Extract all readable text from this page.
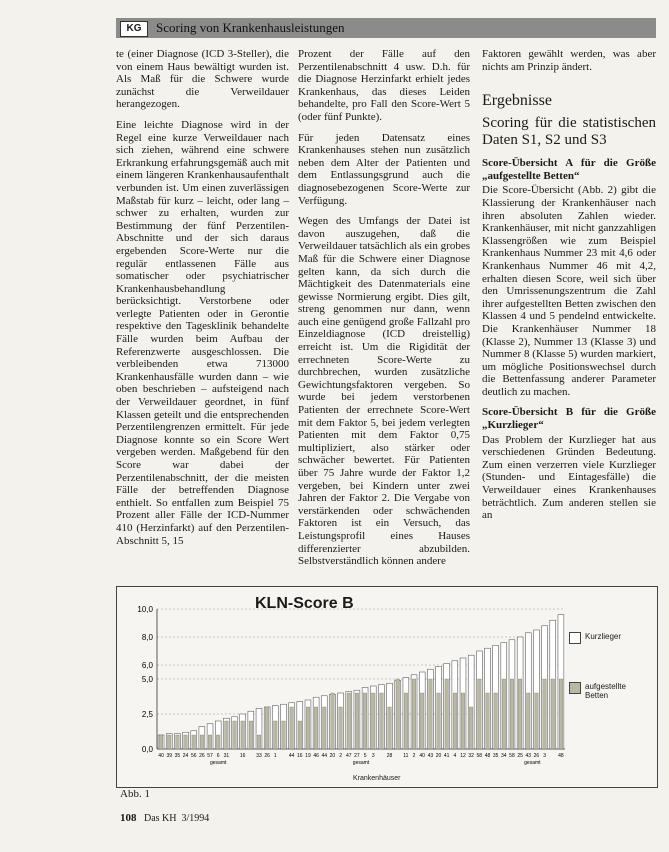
KG	Scoring von Krankenhausleistungen

te (einer Diagnose (ICD 3-Steller), die von einem Haus bewältigt wurden ist. Als Maß für die Schwere wurde zunächst die Verweildauer herangezogen.

Eine leichte Diagnose wird in der Regel eine kurze Verweildauer nach sich ziehen, während eine schwere Erkrankung erfahrungsgemäß auch mit einem längeren Krankenhausaufenthalt verbunden ist. Um einen zuverlässigen Maßstab für kurz – leicht, oder lang – schwer zu erhalten, wurden zur Bestimmung der fünf Perzentilen-Abschnitte und der sich daraus ergebenden Score-Werte nur die regulär entlassenen Fälle aus somatischer oder psychiatrischer Krankenhausbehandlung berücksichtigt. Verstorbene oder verlegte Patienten oder in Gerontie respektive den Tagesklinik behandelte Fälle wurden beim Aufbau der Referenzwerte ausgeschlossen. Die verbleibenden etwa 713000 Krankenhausfälle wurden dann – wie oben beschrieben – aufsteigend nach der Verweildauer geordnet, in fünf Klassen geteilt und die entsprechenden Perzentilengrenzen ermittelt. Für jede Diagnose konnte so ein Score Wert vergeben werden. Maßgebend für den Score war dabei der Perzentilenabschnitt, der die meisten Fälle der betreffenden Diagnose enthielt. So entfallen zum Beispiel 75 Prozent aller Fälle der ICD-Nummer 410 (Herzinfarkt) auf den Perzentilen-Abschnitt 5, 15

Prozent der Fälle auf den Perzentilenabschnitt 4 usw. D.h. für die Diagnose Herzinfarkt erhielt jedes Krankenhaus, das dieses Leiden behandelte, pro Fall den Score-Wert 5 (oder fünf Punkte).

Für jeden Datensatz eines Krankenhauses stehen nun zusätzlich neben dem Alter der Patienten und dem Entlassungsgrund auch die diagnosebezogenen Score-Werte zur Verfügung.

Wegen des Umfangs der Datei ist davon auszugehen, daß die Verweildauer tatsächlich als ein grobes Maß für die Schwere einer Diagnose gelten kann, da sich durch die Mächtigkeit des Datenmaterials eine gewisse Normierung ergibt. Dies gilt, streng genommen nur dann, wenn auch eine genügend große Fallzahl pro Einzeldiagnose (ICD dreistellig) erreicht ist. Um die Rigidität der errechneten Score-Werte zu durchbrechen, wurden zusätzliche Gewichtungsfaktoren vergeben. So wurde bei jedem verstorbenen Patienten der errechnete Score-Wert mit dem Faktor 5, bei jedem verlegten Patienten mit dem Faktor 0,75 multipliziert, also stärker oder schwächer bewertet. Für Patienten über 75 Jahre wurde der Faktor 1,2 vergeben, bei Kindern unter zwei Jahren der Faktor 2. Die Vergabe von verstärkenden oder schwächenden Faktoren ist ein Versuch, das Leistungsprofil eines Hauses differenzierter abzubilden. Selbstverständlich können andere

Faktoren gewählt werden, was aber nichts am Prinzip ändert.

Ergebnisse
Scoring für die statistischen Daten S1, S2 und S3
Score-Übersicht A für die Größe „aufgestellte Betten“

Die Score-Übersicht (Abb. 2) gibt die Klassierung der Krankenhäuser nach ihren absoluten Zahlen wieder. Krankenhäuser, mit nicht ganzzahligen Klassengrößen wie zum Beispiel Krankenhaus Nummer 23 mit 4,6 oder Krankenhaus Nummer 46 mit 4,2, erhalten diesen Score, weil sich über den Umrissenungszentrum die Zahl ihrer aufgestellten Betten zwischen den Klassen 4 und 5 pendelnd entwickelte. Die Krankenhäuser Nummer 18 (Klasse 2), Nummer 13 (Klasse 3) und Nummer 8 (Klasse 5) wurden markiert, um mögliche Positionswechsel durch die Bettenfassung anderer Parameter deutlich zu machen.

Score-Übersicht B für die Größe „Kurzlieger“

Das Problem der Kurzlieger hat aus verschiedenen Gründen Bedeutung. Zum einen verzerren viele Kurzlieger (Stunden- und Eintagesfälle) die Verweildauer eines Krankenhauses beträchtlich. Zum anderen stellen sie an

0,0
2,5
5,0
6,0
8,0
10,0
40 39 35 24 56 26 57 6 31 16 33 26 1 44 16 19 46 44 20 2 47 27 5 3 28 11 2 40 43 20 41 4 12 32 58 48 35 34 58 25 43 26 3 48
gesamt	gesamt	gesamt
KLN-Score B
Kurzlieger
aufgestellte Betten
Krankenhäuser
Abb. 1
108 Das KH 3/1994
